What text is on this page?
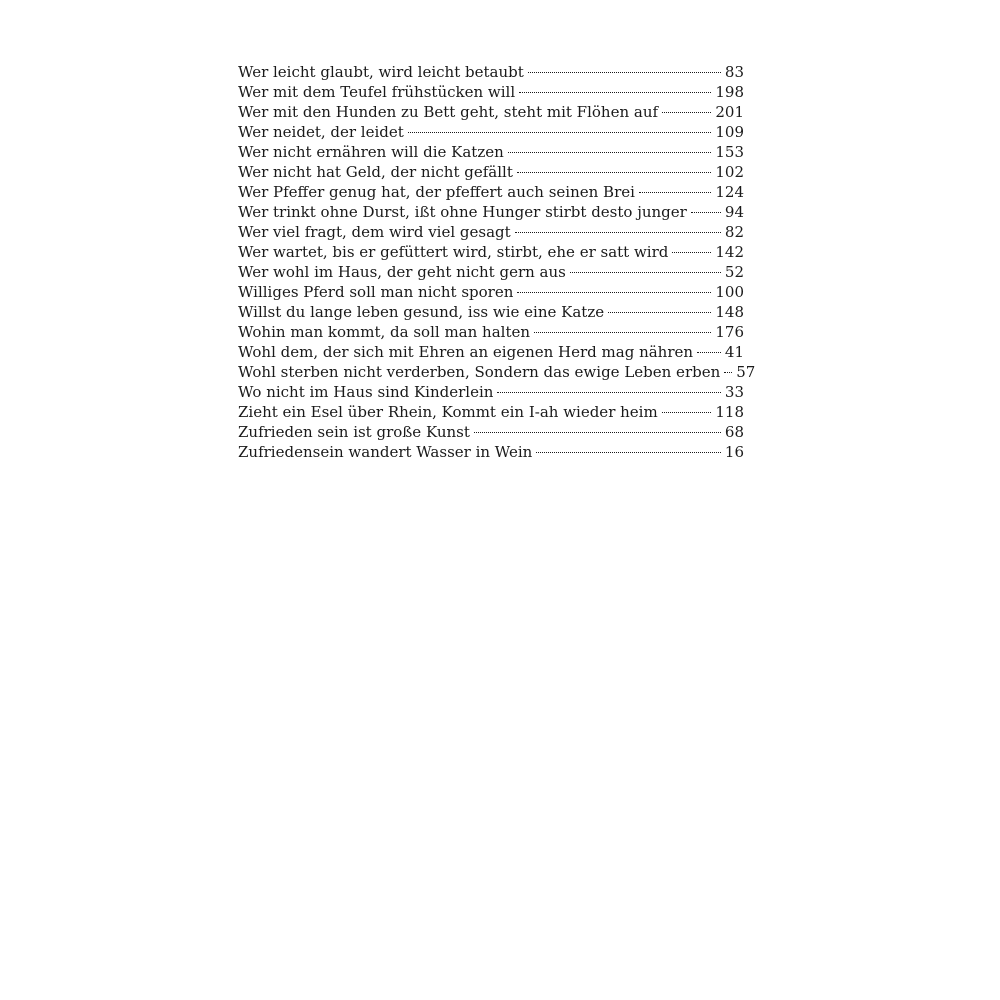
Wer leicht glaubt, wird leicht betaubt	83
Wer mit dem Teufel frühstücken will	198
Wer mit den Hunden zu Bett geht, steht mit Flöhen auf	201
Wer neidet, der leidet	109
Wer nicht ernähren will die Katzen	153
Wer nicht hat Geld, der nicht gefällt	102
Wer Pfeffer genug hat, der pfeffert auch seinen Brei	124
Wer trinkt ohne Durst, ißt ohne Hunger stirbt desto junger	94
Wer viel fragt, dem wird viel gesagt	82
Wer wartet, bis er gefüttert wird, stirbt, ehe er satt wird	142
Wer wohl im Haus, der geht nicht gern aus	52
Williges Pferd soll man nicht sporen	100
Willst du lange leben gesund, iss wie eine Katze	148
Wohin man kommt, da soll man halten	176
Wohl dem, der sich mit Ehren an eigenen Herd mag nähren 41
Wohl sterben nicht verderben, Sondern das ewige Leben erben 57
Wo nicht im Haus sind Kinderlein	33
Zieht ein Esel über Rhein, Kommt ein I-ah wieder heim	118
Zufrieden sein ist große Kunst	68
Zufriedensein wandert Wasser in Wein	16
